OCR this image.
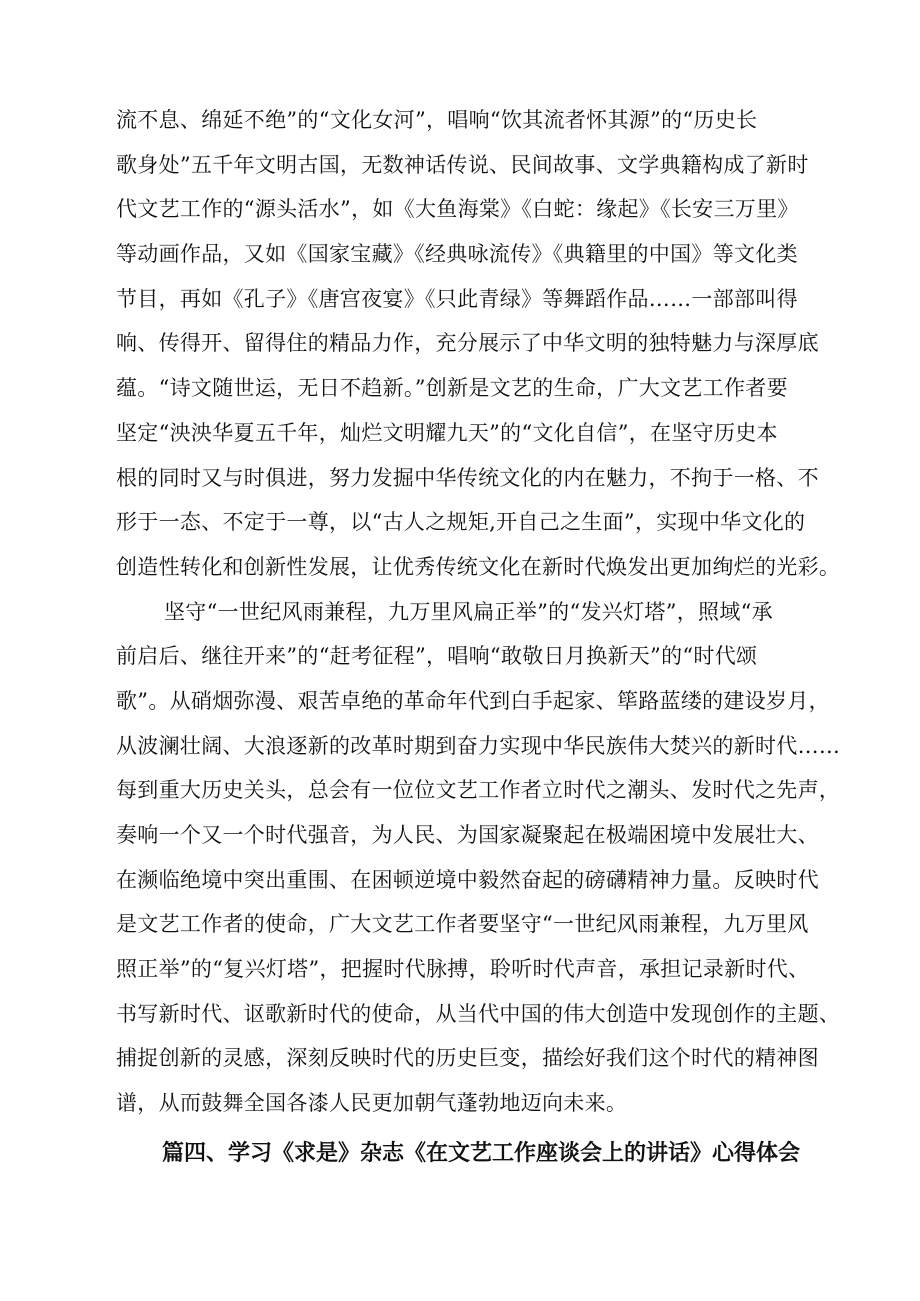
流不息、绵延不绝”的“文化女河”，唱响“饮其流者怀其源”的“历史长
歌身处”五千年文明古国，无数神话传说、民间故事、文学典籍构成了新时
代文艺工作的“源头活水”，如《大鱼海棠》《白蛇：缘起》《长安三万里》
等动画作品，又如《国家宝藏》《经典咏流传》《典籍里的中国》等文化类
节目，再如《孔子》《唐宫夜宴》《只此青绿》等舞蹈作品……一部部叫得
响、传得开、留得住的精品力作，充分展示了中华文明的独特魅力与深厚底
蕴。“诗文随世运，无日不趋新。”创新是文艺的生命，广大文艺工作者要
坚定“泱泱华夏五千年，灿烂文明耀九天”的“文化自信”，在坚守历史本
根的同时又与时俱进，努力发掘中华传统文化的内在魅力，不拘于一格、不
形于一态、不定于一尊，以“古人之规矩,开自己之生面”，实现中华文化的
创造性转化和创新性发展，让优秀传统文化在新时代焕发出更加绚烂的光彩。
坚守“一世纪风雨兼程，九万里风扁正举”的“发兴灯塔”，照域“承
前启后、继往开来”的“赶考征程”，唱响“敢敬日月换新天”的“时代颂
歌”。从硝烟弥漫、艰苦卓绝的革命年代到白手起家、筚路蓝缕的建设岁月，
从波澜壮阔、大浪逐新的改革时期到奋力实现中华民族伟大焚兴的新时代……
每到重大历史关头，总会有一位位文艺工作者立时代之潮头、发时代之先声，
奏响一个又一个时代强音，为人民、为国家凝聚起在极端困境中发展壮大、
在濒临绝境中突出重围、在困顿逆境中毅然奋起的磅礴精神力量。反映时代
是文艺工作者的使命，广大文艺工作者要坚守“一世纪风雨兼程，九万里风
照正举”的“复兴灯塔”，把握时代脉搏，聆听时代声音，承担记录新时代、
书写新时代、讴歌新时代的使命，从当代中国的伟大创造中发现创作的主题、
捕捉创新的灵感，深刻反映时代的历史巨变，描绘好我们这个时代的精神图
谱，从而鼓舞全国各漆人民更加朝气蓬勃地迈向未来。
篇四、学习《求是》杂志《在文艺工作座谈会上的讲话》心得体会
